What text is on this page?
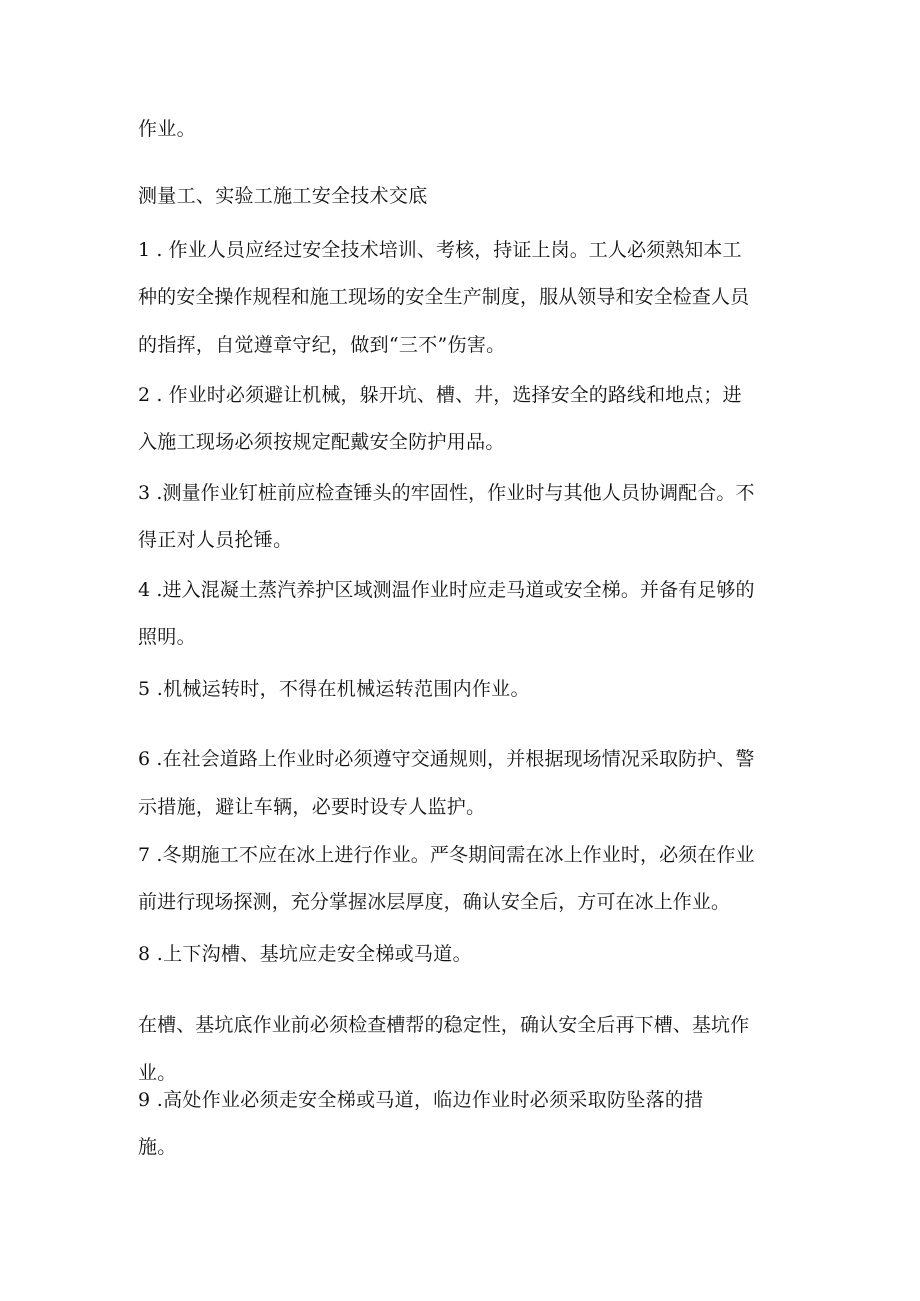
作业。
测量工、实验工施工安全技术交底
1 . 作业人员应经过安全技术培训、考核，持证上岗。工人必须熟知本工
种的安全操作规程和施工现场的安全生产制度，服从领导和安全检查人员
的指挥，自觉遵章守纪，做到“三不”伤害。
2 . 作业时必须避让机械，躲开坑、槽、井，选择安全的路线和地点；进
入施工现场必须按规定配戴安全防护用品。
3 .测量作业钉桩前应检查锤头的牢固性，作业时与其他人员协调配合。不
得正对人员抡锤。
4 .进入混凝土蒸汽养护区域测温作业时应走马道或安全梯。并备有足够的
照明。
5 .机械运转时，不得在机械运转范围内作业。
6 .在社会道路上作业时必须遵守交通规则，并根据现场情况采取防护、警
示措施，避让车辆，必要时设专人监护。
7 .冬期施工不应在冰上进行作业。严冬期间需在冰上作业时，必须在作业
前进行现场探测，充分掌握冰层厚度，确认安全后，方可在冰上作业。
8 .上下沟槽、基坑应走安全梯或马道。
在槽、基坑底作业前必须检查槽帮的稳定性，确认安全后再下槽、基坑作
业。
9 .高处作业必须走安全梯或马道，临边作业时必须采取防坠落的措
施。
